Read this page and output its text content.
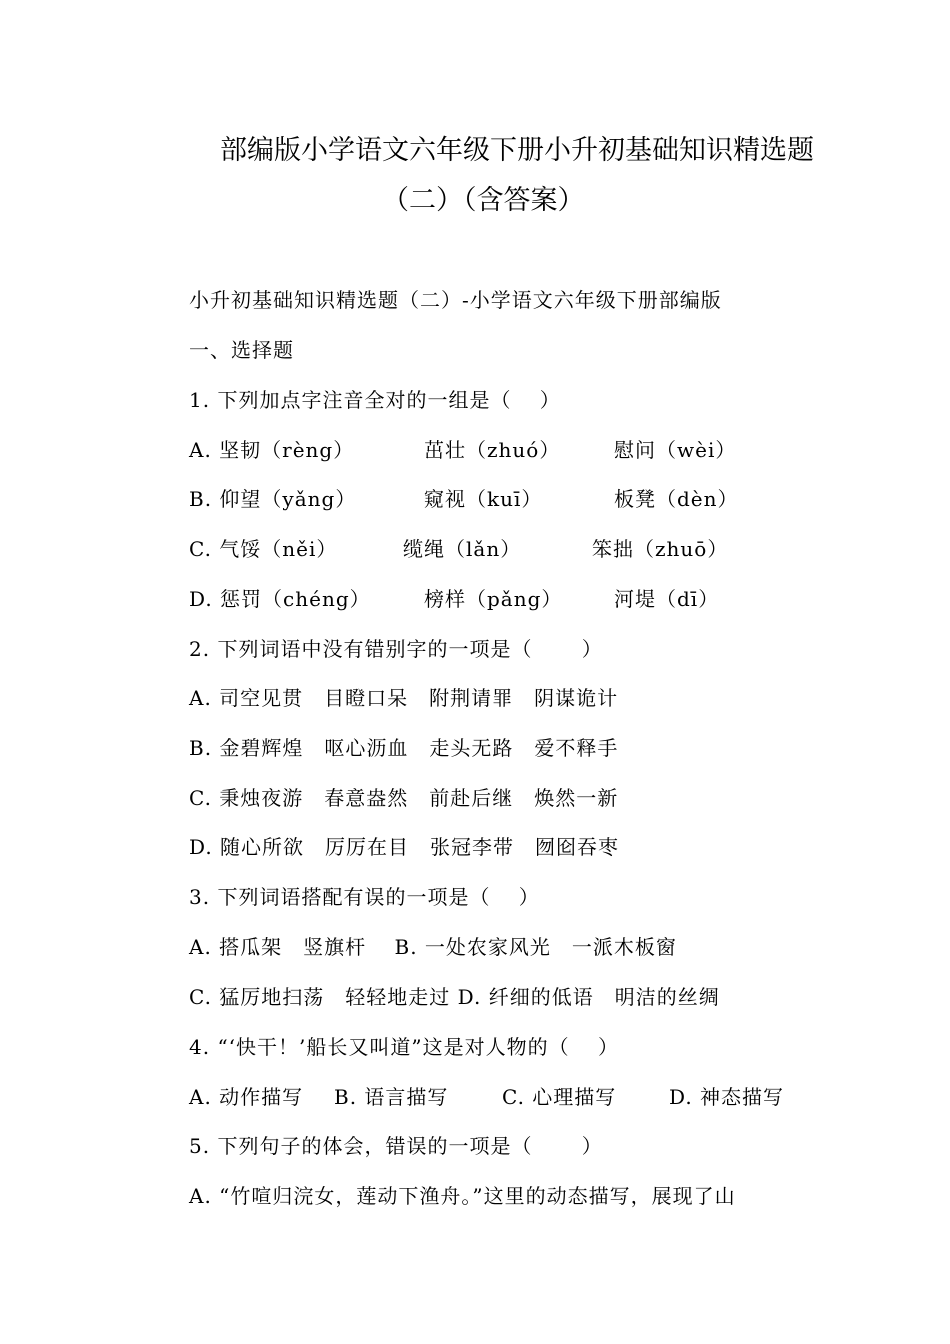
部编版小学语文六年级下册小升初基础知识精选题
（二）（含答案）
小升初基础知识精选题（二）-小学语文六年级下册部编版
一、选择题
1. 下列加点字注音全对的一组是（　 ）
A. 坚韧（rèng）	茁壮（zhuó）	慰问（wèi）
B. 仰望（yǎng）	窥视（kuī）	板凳（dèn）
C. 气馁（něi）	缆绳（lǎn）	笨拙（zhuō）
D. 惩罚（chéng）	榜样（pǎng）	河堤（dī）
2. 下列词语中没有错别字的一项是（　 　）
A. 司空见贯　目瞪口呆　附荆请罪　阴谋诡计
B. 金碧辉煌　呕心沥血　走头无路　爱不释手
C. 秉烛夜游　春意盎然　前赴后继　焕然一新
D. 随心所欲　厉厉在目　张冠李带　囫囵吞枣
3. 下列词语搭配有误的一项是（　 ）
A. 搭瓜架　竖旗杆　 B. 一处农家风光　一派木板窗
C. 猛厉地扫荡　轻轻地走过 D. 纤细的低语　明洁的丝绸
4. “‘快干！’船长又叫道”这是对人物的（　 ）
A. 动作描写 B. 语言描写	C. 心理描写	D. 神态描写
5. 下列句子的体会，错误的一项是（　 　）
A. “竹喧归浣女，莲动下渔舟。”这里的动态描写，展现了山
